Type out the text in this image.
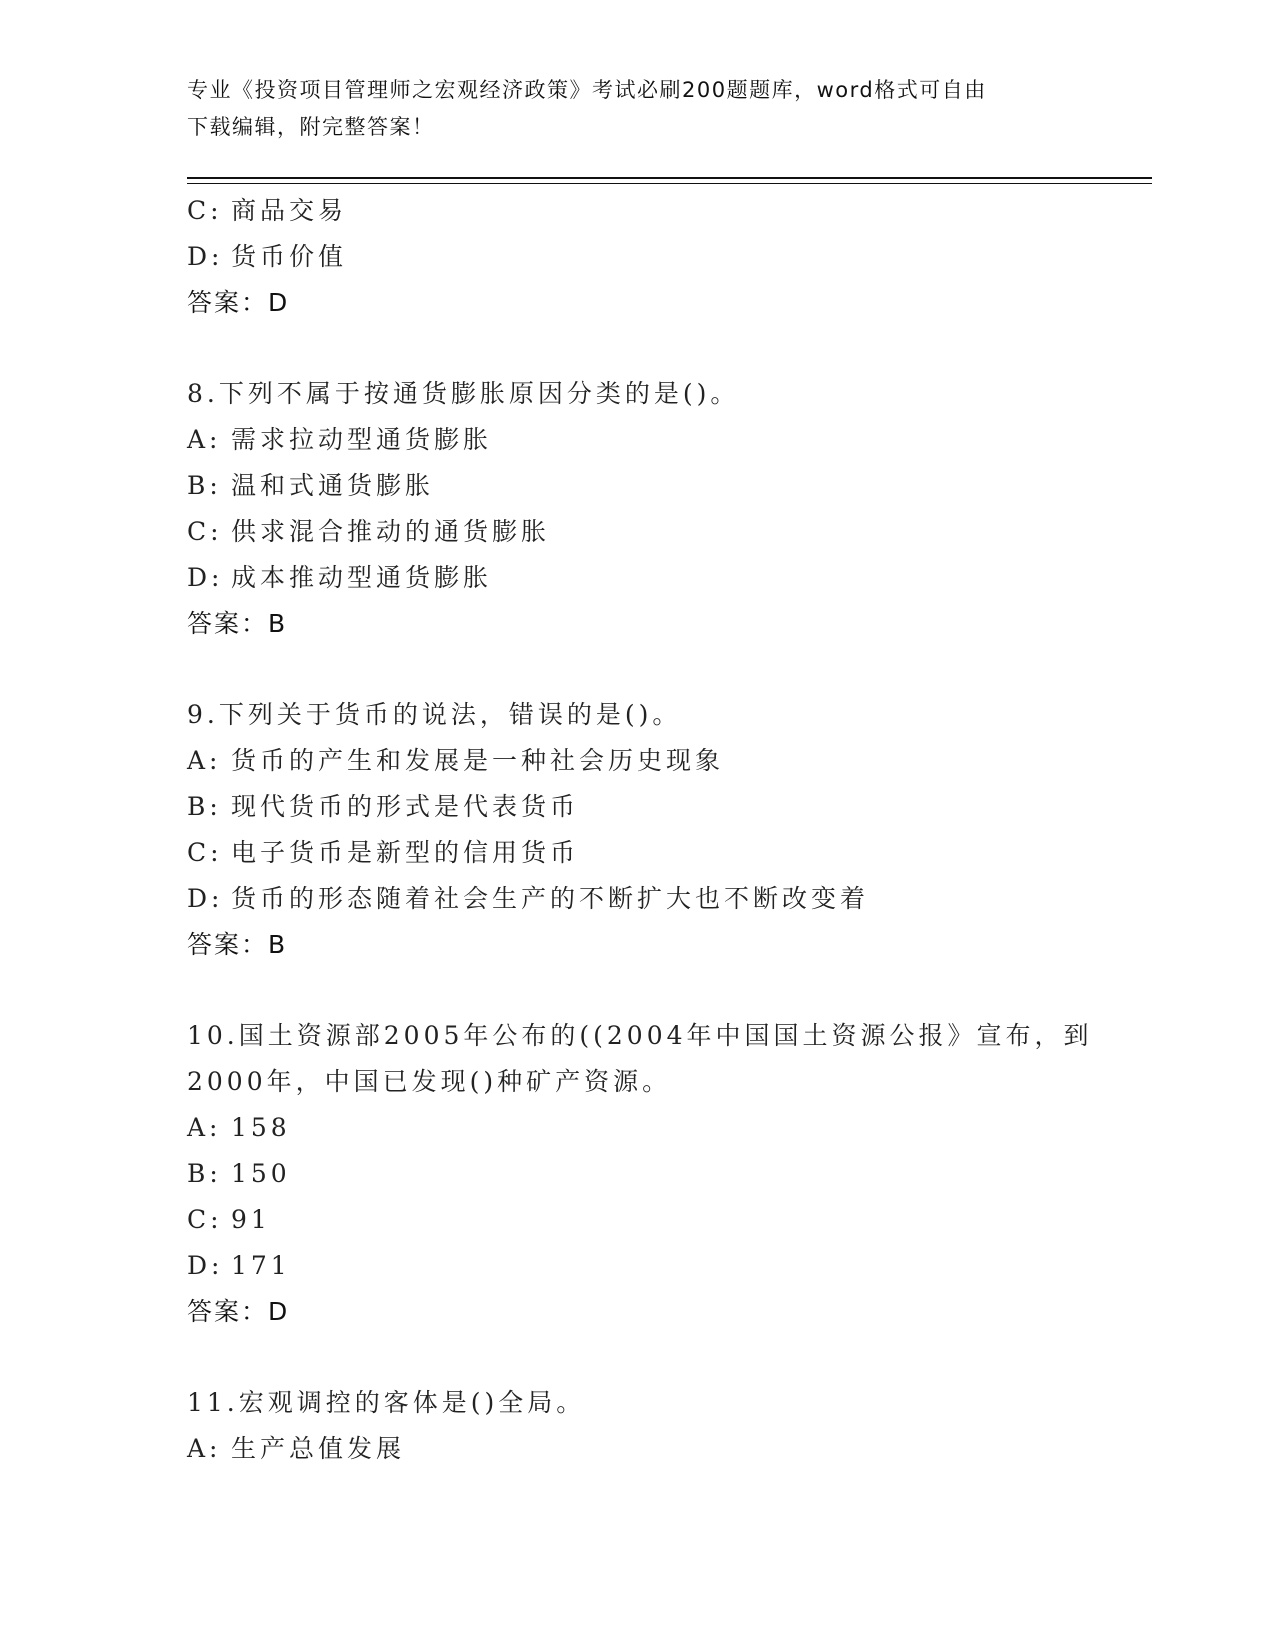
专业《投资项目管理师之宏观经济政策》考试必刷200题题库，word格式可自由
下载编辑，附完整答案！
C: 商品交易
D: 货币价值
答案：D
8.下列不属于按通货膨胀原因分类的是()。
A: 需求拉动型通货膨胀
B: 温和式通货膨胀
C: 供求混合推动的通货膨胀
D: 成本推动型通货膨胀
答案：B
9.下列关于货币的说法，错误的是()。
A: 货币的产生和发展是一种社会历史现象
B: 现代货币的形式是代表货币
C: 电子货币是新型的信用货币
D: 货币的形态随着社会生产的不断扩大也不断改变着
答案：B
10.国土资源部2005年公布的((2004年中国国土资源公报》宣布，到
2000年，中国已发现()种矿产资源。
A: 158
B: 150
C: 91
D: 171
答案：D
11.宏观调控的客体是()全局。
A: 生产总值发展
